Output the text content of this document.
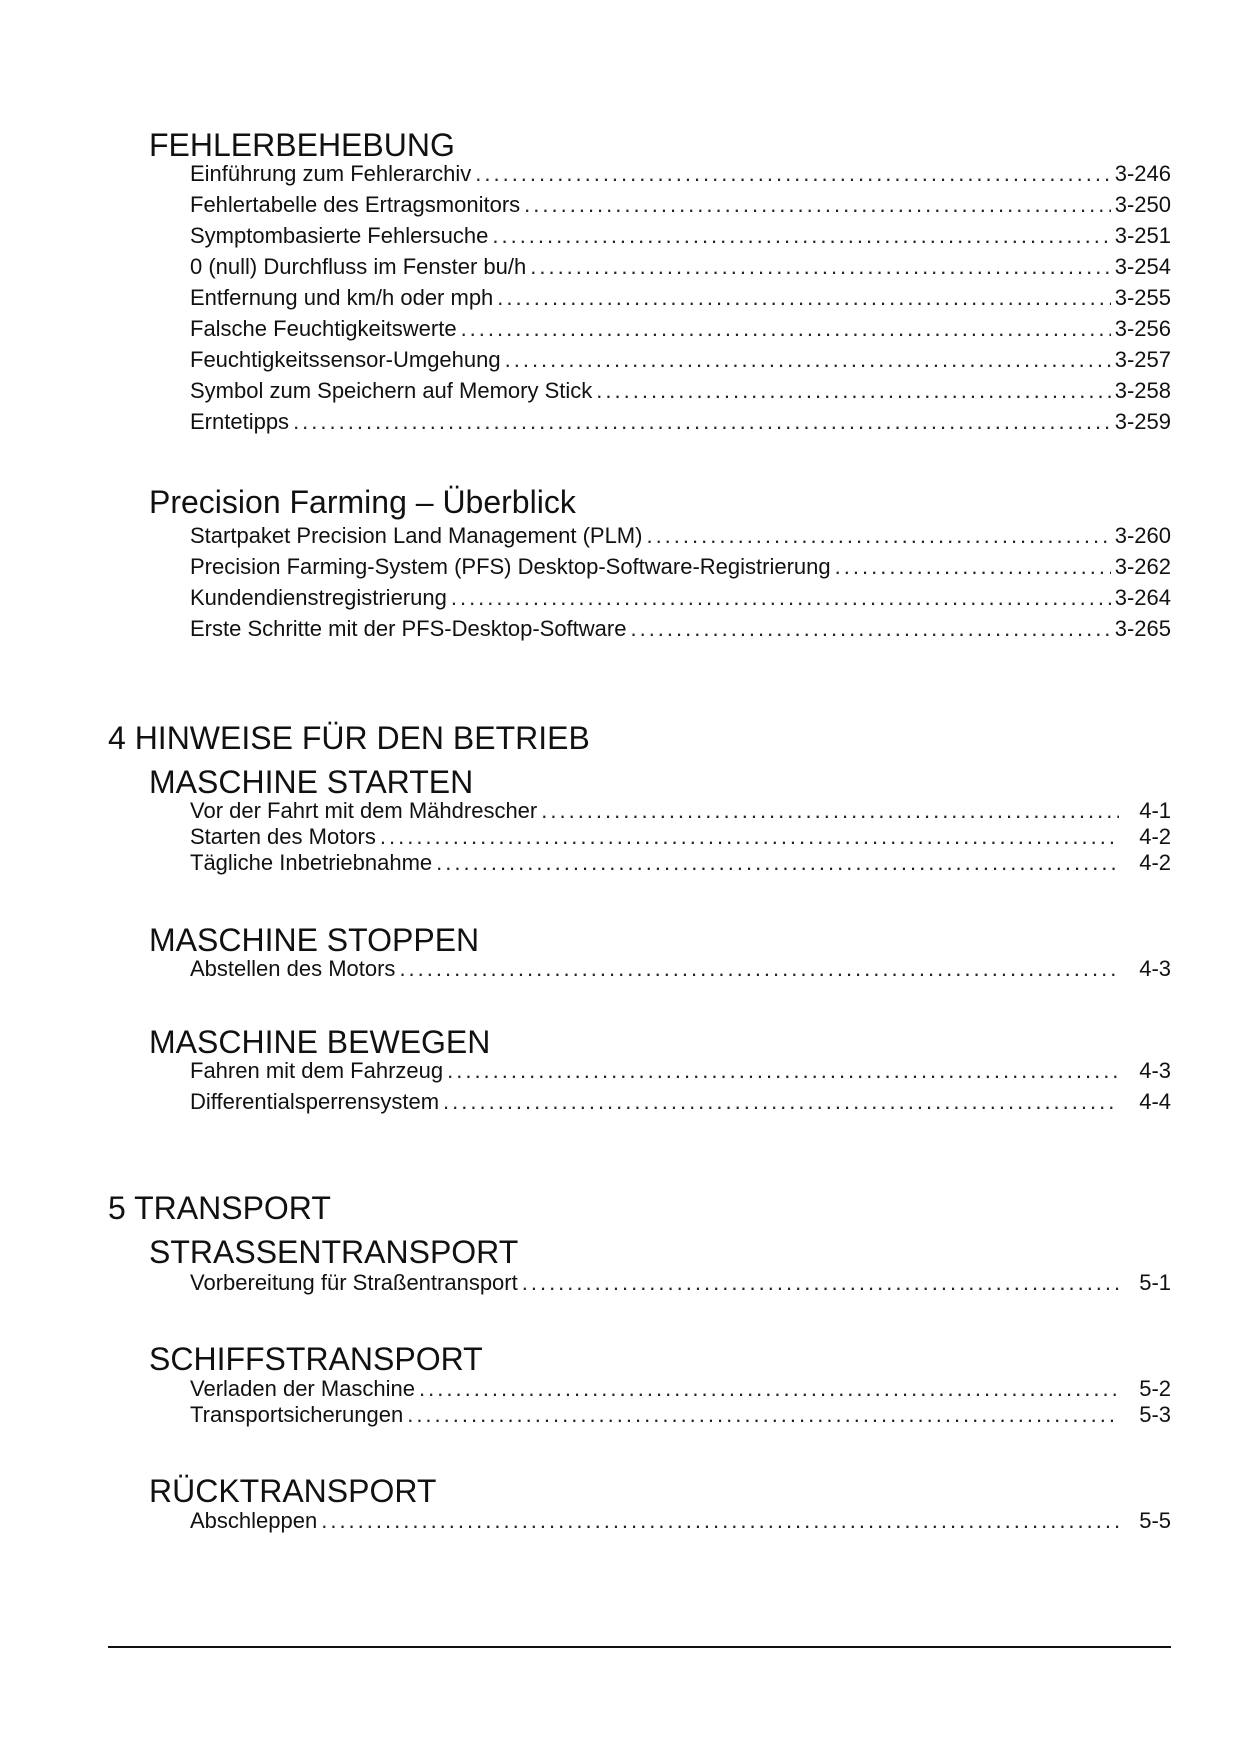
FEHLERBEHEBUNG
Einführung zum Fehlerarchiv .....	3-246
Fehlertabelle des Ertragsmonitors .....	3-250
Symptombasierte Fehlersuche .....	3-251
0 (null) Durchfluss im Fenster bu/h .....	3-254
Entfernung und km/h oder mph .....	3-255
Falsche Feuchtigkeitswerte .....	3-256
Feuchtigkeitssensor-Umgehung .....	3-257
Symbol zum Speichern auf Memory Stick .....	3-258
Erntetipps .....	3-259
Precision Farming – Überblick
Startpaket Precision Land Management (PLM) .....	3-260
Precision Farming-System (PFS) Desktop-Software-Registrierung .....	3-262
Kundendienstregistrierung .....	3-264
Erste Schritte mit der PFS-Desktop-Software .....	3-265
4 HINWEISE FÜR DEN BETRIEB
MASCHINE STARTEN
Vor der Fahrt mit dem Mähdrescher .....	4-1
Starten des Motors .....	4-2
Tägliche Inbetriebnahme .....	4-2
MASCHINE STOPPEN
Abstellen des Motors .....	4-3
MASCHINE BEWEGEN
Fahren mit dem Fahrzeug .....	4-3
Differentialsperrensystem .....	4-4
5 TRANSPORT
STRASSENTRANSPORT
Vorbereitung für Straßentransport .....	5-1
SCHIFFSTRANSPORT
Verladen der Maschine .....	5-2
Transportsicherungen .....	5-3
RÜCKTRANSPORT
Abschleppen .....	5-5
